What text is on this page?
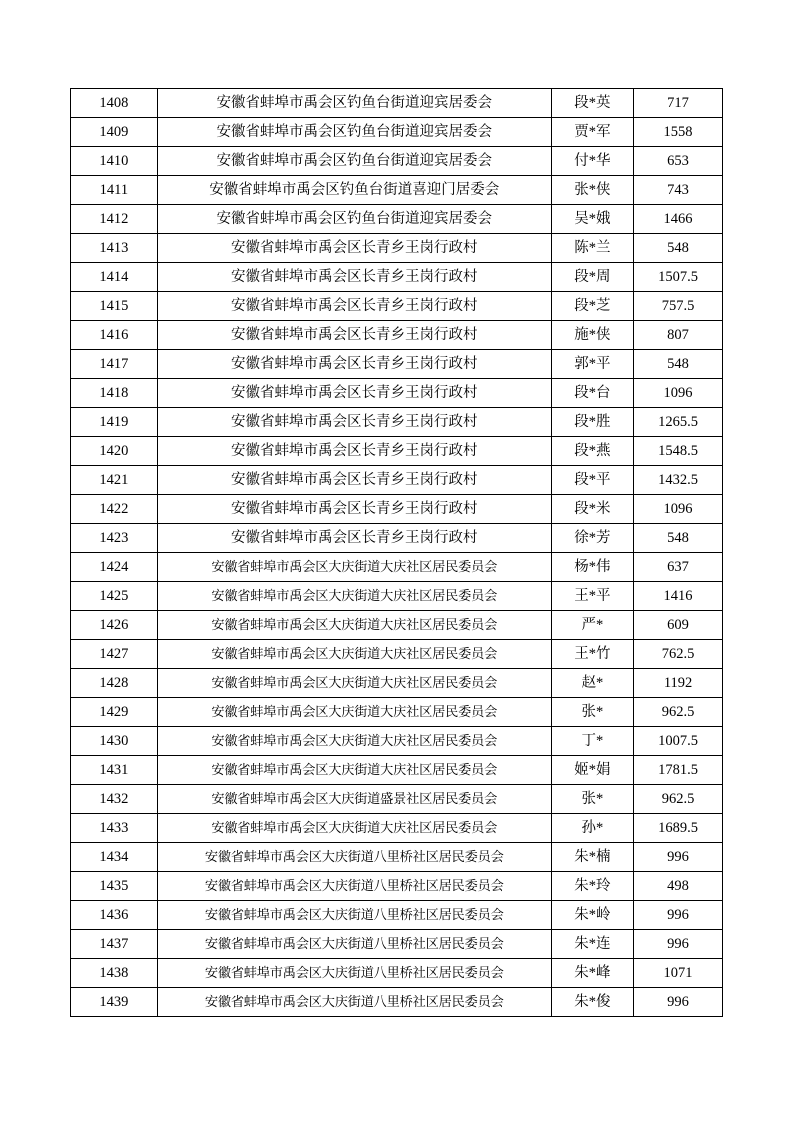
1408	安徽省蚌埠市禹会区钓鱼台街道迎宾居委会	段*英	717
1409	安徽省蚌埠市禹会区钓鱼台街道迎宾居委会	贾*军	1558
1410	安徽省蚌埠市禹会区钓鱼台街道迎宾居委会	付*华	653
1411	安徽省蚌埠市禹会区钓鱼台街道喜迎门居委会	张*侠	743
1412	安徽省蚌埠市禹会区钓鱼台街道迎宾居委会	吴*娥	1466
1413	安徽省蚌埠市禹会区长青乡王岗行政村	陈*兰	548
1414	安徽省蚌埠市禹会区长青乡王岗行政村	段*周	1507.5
1415	安徽省蚌埠市禹会区长青乡王岗行政村	段*芝	757.5
1416	安徽省蚌埠市禹会区长青乡王岗行政村	施*侠	807
1417	安徽省蚌埠市禹会区长青乡王岗行政村	郭*平	548
1418	安徽省蚌埠市禹会区长青乡王岗行政村	段*台	1096
1419	安徽省蚌埠市禹会区长青乡王岗行政村	段*胜	1265.5
1420	安徽省蚌埠市禹会区长青乡王岗行政村	段*燕	1548.5
1421	安徽省蚌埠市禹会区长青乡王岗行政村	段*平	1432.5
1422	安徽省蚌埠市禹会区长青乡王岗行政村	段*米	1096
1423	安徽省蚌埠市禹会区长青乡王岗行政村	徐*芳	548
1424	安徽省蚌埠市禹会区大庆街道大庆社区居民委员会	杨*伟	637
1425	安徽省蚌埠市禹会区大庆街道大庆社区居民委员会	王*平	1416
1426	安徽省蚌埠市禹会区大庆街道大庆社区居民委员会	严*	609
1427	安徽省蚌埠市禹会区大庆街道大庆社区居民委员会	王*竹	762.5
1428	安徽省蚌埠市禹会区大庆街道大庆社区居民委员会	赵*	1192
1429	安徽省蚌埠市禹会区大庆街道大庆社区居民委员会	张*	962.5
1430	安徽省蚌埠市禹会区大庆街道大庆社区居民委员会	丁*	1007.5
1431	安徽省蚌埠市禹会区大庆街道大庆社区居民委员会	姬*娟	1781.5
1432	安徽省蚌埠市禹会区大庆街道盛景社区居民委员会	张*	962.5
1433	安徽省蚌埠市禹会区大庆街道大庆社区居民委员会	孙*	1689.5
1434	安徽省蚌埠市禹会区大庆街道八里桥社区居民委员会	朱*楠	996
1435	安徽省蚌埠市禹会区大庆街道八里桥社区居民委员会	朱*玲	498
1436	安徽省蚌埠市禹会区大庆街道八里桥社区居民委员会	朱*岭	996
1437	安徽省蚌埠市禹会区大庆街道八里桥社区居民委员会	朱*连	996
1438	安徽省蚌埠市禹会区大庆街道八里桥社区居民委员会	朱*峰	1071
1439	安徽省蚌埠市禹会区大庆街道八里桥社区居民委员会	朱*俊	996
